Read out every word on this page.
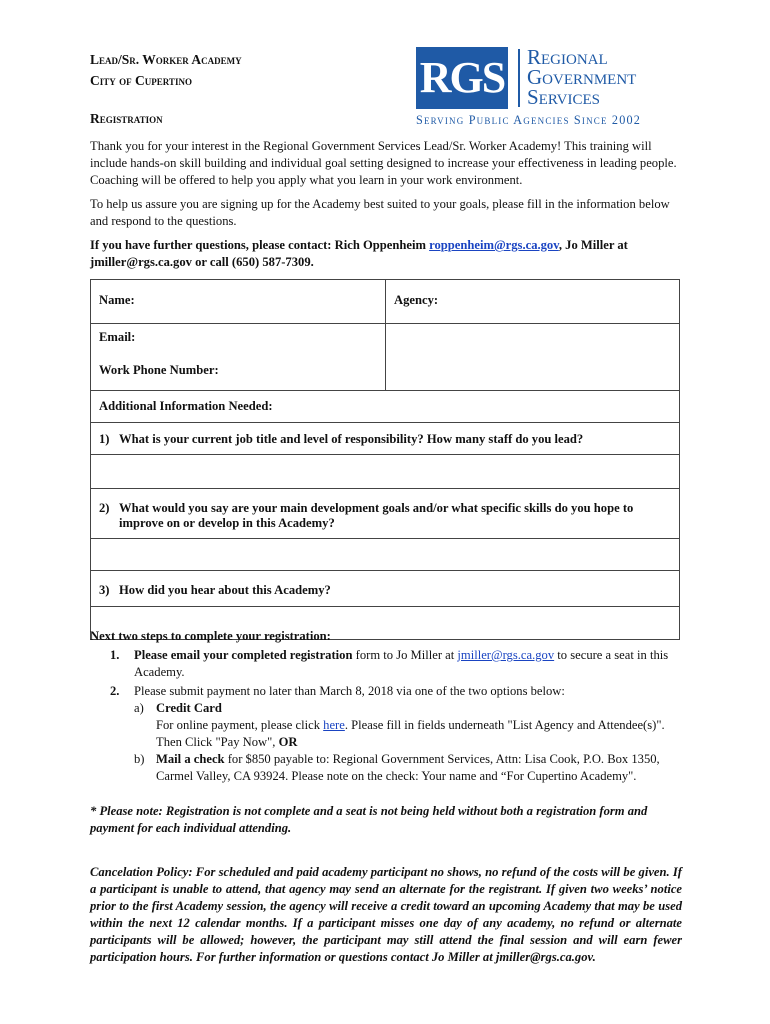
Lead/Sr. Worker Academy
City of Cupertino
Registration
RGS Regional
Government
Services
Serving Public Agencies Since 2002
Thank you for your interest in the Regional Government Services Lead/Sr. Worker Academy! This training will include hands-on skill building and individual goal setting designed to increase your effectiveness in leading people. Coaching will be offered to help you apply what you learn in your work environment.
To help us assure you are signing up for the Academy best suited to your goals, please fill in the information below and respond to the questions.
If you have further questions, please contact: Rich Oppenheim roppenheim@rgs.ca.gov, Jo Miller at jmiller@rgs.ca.gov or call (650) 587-7309.
Name:	Agency:
Email:
Work Phone Number:
Additional Information Needed:
1) What is your current job title and level of responsibility? How many staff do you lead?
2) What would you say are your main development goals and/or what specific skills do you hope to improve on or develop in this Academy?
3) How did you hear about this Academy?
Next two steps to complete your registration:
1.	Please email your completed registration form to Jo Miller at jmiller@rgs.ca.gov to secure a seat in this Academy.
2.	Please submit payment no later than March 8, 2018 via one of the two options below:
a) Credit Card
For online payment, please click here. Please fill in fields underneath "List Agency and Attendee(s)". Then Click "Pay Now", OR
b) Mail a check for $850 payable to: Regional Government Services, Attn: Lisa Cook, P.O. Box 1350, Carmel Valley, CA 93924. Please note on the check: Your name and “For Cupertino Academy".
* Please note: Registration is not complete and a seat is not being held without both a registration form and payment for each individual attending.
Cancelation Policy: For scheduled and paid academy participant no shows, no refund of the costs will be given. If a participant is unable to attend, that agency may send an alternate for the registrant. If given two weeks’ notice prior to the first Academy session, the agency will receive a credit toward an upcoming Academy that may be used within the next 12 calendar months. If a participant misses one day of any academy, no refund or alternate participants will be allowed; however, the participant may still attend the final session and will earn fewer participation hours. For further information or questions contact Jo Miller at jmiller@rgs.ca.gov.
